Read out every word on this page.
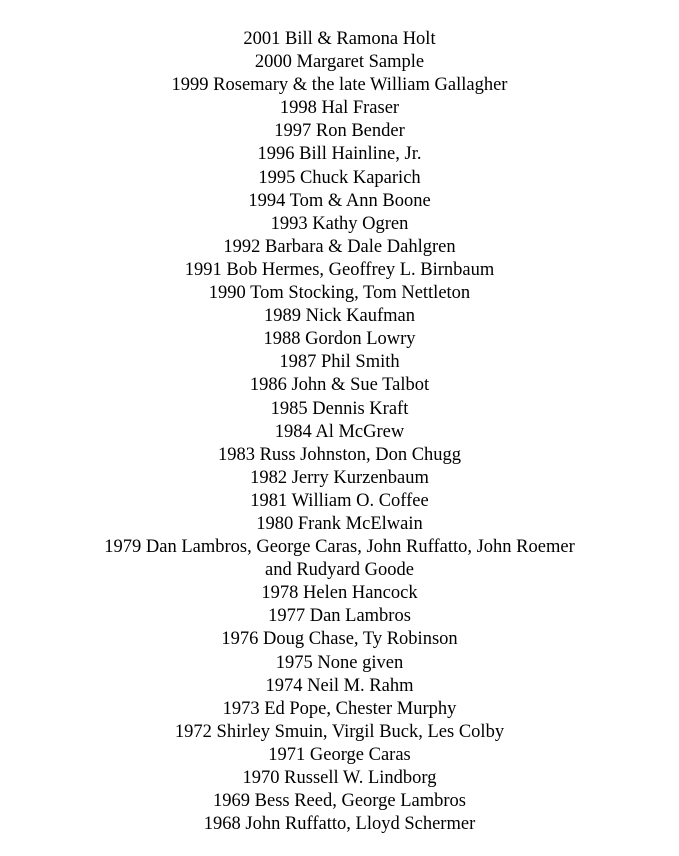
2001 Bill & Ramona Holt
2000 Margaret Sample
1999 Rosemary & the late William Gallagher
1998 Hal Fraser
1997 Ron Bender
1996 Bill Hainline, Jr.
1995 Chuck Kaparich
1994 Tom & Ann Boone
1993 Kathy Ogren
1992 Barbara & Dale Dahlgren
1991 Bob Hermes, Geoffrey L. Birnbaum
1990 Tom Stocking, Tom Nettleton
1989 Nick Kaufman
1988 Gordon Lowry
1987 Phil Smith
1986 John & Sue Talbot
1985 Dennis Kraft
1984 Al McGrew
1983 Russ Johnston, Don Chugg
1982 Jerry Kurzenbaum
1981 William O. Coffee
1980 Frank McElwain
1979 Dan Lambros, George Caras, John Ruffatto, John Roemer
and Rudyard Goode
1978 Helen Hancock
1977 Dan Lambros
1976 Doug Chase, Ty Robinson
1975 None given
1974 Neil M. Rahm
1973 Ed Pope, Chester Murphy
1972 Shirley Smuin, Virgil Buck, Les Colby
1971 George Caras
1970 Russell W. Lindborg
1969 Bess Reed, George Lambros
1968 John Ruffatto, Lloyd Schermer
